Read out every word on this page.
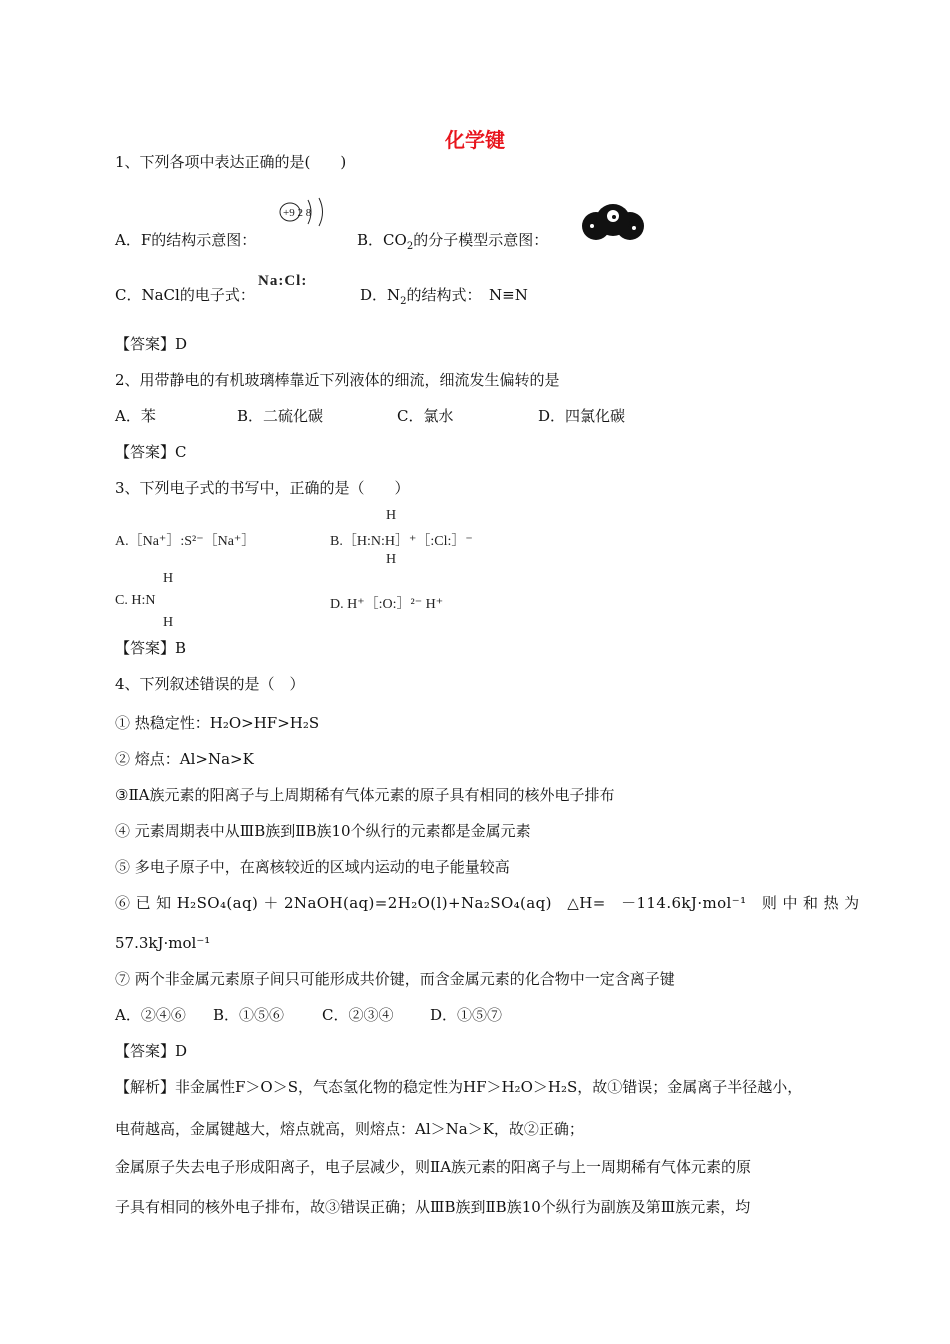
化学键
1、下列各项中表达正确的是(　　)
A．F的结构示意图：
+9 2 8
B．$CO_2$的分子模型示意图：
C．NaCl的电子式：
Na:Cl:
D．$N_2$的结构式：　N≡N
【答案】D
2、用带静电的有机玻璃棒靠近下列液体的细流，细流发生偏转的是
A．苯	B．二硫化碳	C．氯水	D．四氯化碳
【答案】C
3、下列电子式的书写中，正确的是（　　）
A.［Na⁺］:S²⁻［Na⁺］
H
B.［H:N:H］⁺［:Cl:］⁻
H
H
C. H:N
H
D. H⁺［:O:］²⁻ H⁺
【答案】B
4、下列叙述错误的是（　）
① 热稳定性：H₂O>HF>H₂S
② 熔点：Al>Na>K
③ⅡA族元素的阳离子与上周期稀有气体元素的原子具有相同的核外电子排布
④ 元素周期表中从ⅢB族到ⅡB族10个纵行的元素都是金属元素
⑤ 多电子原子中，在离核较近的区域内运动的电子能量较高
⑥ 已 知 H₂SO₄(aq) ＋ 2NaOH(aq)=2H₂O(l)+Na₂SO₄(aq)　△H=　－114.6kJ·mol⁻¹　则 中 和 热 为
57.3kJ·mol⁻¹
⑦ 两个非金属元素原子间只可能形成共价键，而含金属元素的化合物中一定含离子键
A．②④⑥ B．①⑤⑥	C．②③④ D．①⑤⑦
【答案】D
【解析】非金属性F＞O＞S，气态氢化物的稳定性为HF＞H₂O＞H₂S，故①错误；金属离子半径越小，
电荷越高，金属键越大，熔点就高，则熔点：Al＞Na＞K，故②正确；
金属原子失去电子形成阳离子，电子层减少，则ⅡA族元素的阳离子与上一周期稀有气体元素的原
子具有相同的核外电子排布，故③错误正确；从ⅢB族到ⅡB族10个纵行为副族及第Ⅲ族元素，均
